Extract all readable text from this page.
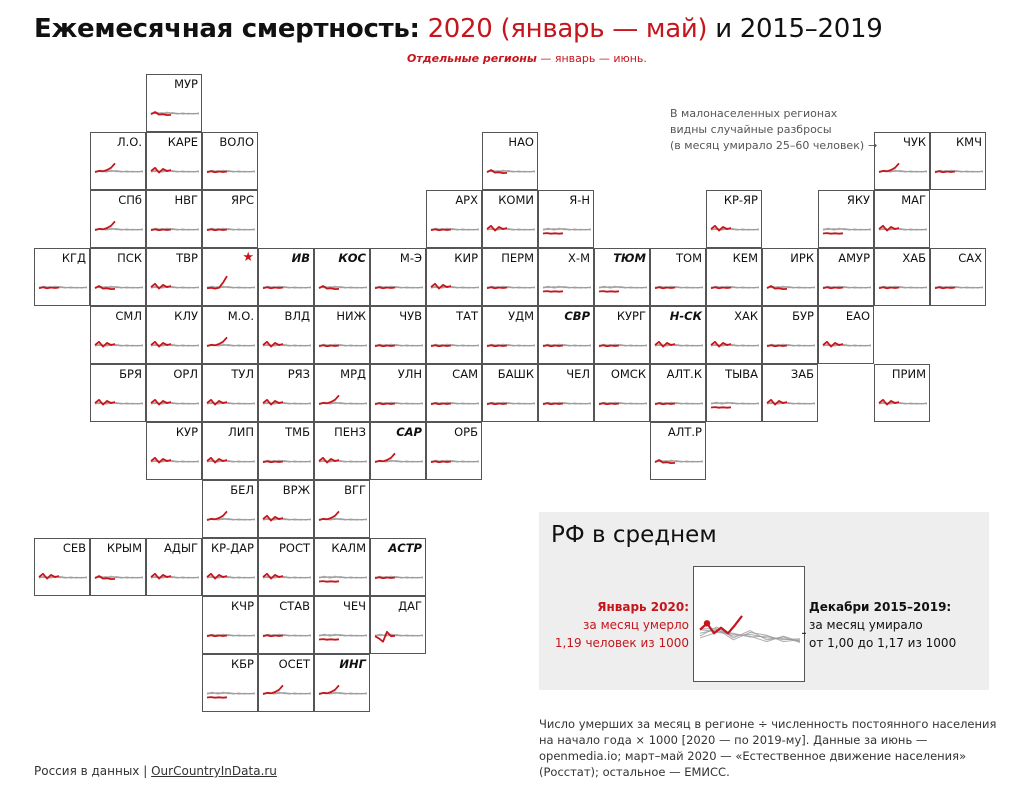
Ежемесячная смертность: 2020 (январь — май) и 2015–2019
Отдельные регионы — январь — июнь.
МУР
Л.О. КАРЕ ВОЛО	НАО	ЧУК	КМЧ
СПб	НВГ	ЯРС	АРХ КОМИ	Я-Н	КР-ЯР	ЯКУ	МАГ
КГД	ПСК	ТВР	★	ИВ КОС	М-Э	КИР ПЕРМ	Х-М ТЮМ	ТОМ	КЕМ	ИРК АМУР	ХАБ	САХ
СМЛ	КЛУ	М.О.	ВЛД НИЖ	ЧУВ	ТАТ	УДМ	СВР КУРГ Н-СК	ХАК	БУР	ЕАО
БРЯ	ОРЛ	ТУЛ	РЯЗ	МРД	УЛН	САМ БАШК	ЧЕЛ ОМСК АЛТ.К ТЫВА	ЗАБ	ПРИМ
КУР	ЛИП	ТМБ ПЕНЗ	САР	ОРБ	АЛТ.Р
БЕЛ	ВРЖ	ВГГ
СЕВ КРЫМ АДЫГ КР-ДАР РОСТ КАЛМ АСТР
КЧР СТАВ	ЧЕЧ	ДАГ
КБР ОСЕТ	ИНГ
В малонаселенных регионах
видны случайные разбросы
(в месяц умирало 25–60 человек) →
РФ в среднем
Январь 2020:
за месяц умерло
1,19 человек из 1000
Декабри 2015–2019:
за месяц умирало
от 1,00 до 1,17 из 1000
Число умерших за месяц в регионе ÷ численность постоянного населения на начало года × 1000 [2020 — по 2019-му]. Данные за июнь — openmedia.io; март–май 2020 — «Естественное движение населения» (Росстат); остальное — ЕМИСС.
Россия в данных | OurCountryInData.ru
